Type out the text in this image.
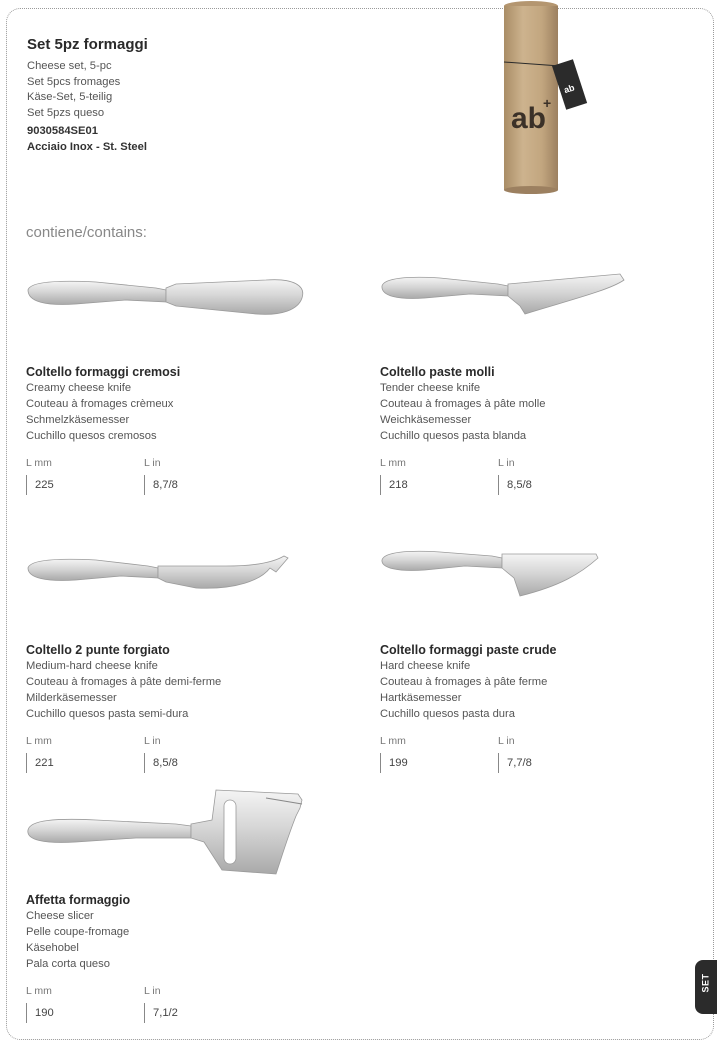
Set 5pz formaggi
Cheese set, 5-pc
Set 5pcs fromages
Käse-Set, 5-teilig
Set 5pzs queso
9030584SE01
Acciaio Inox - St. Steel
ab
+
ab
contiene/contains:
Coltello formaggi cremosi
Creamy cheese knife
Couteau à fromages crèmeux
Schmelzkäsemesser
Cuchillo quesos cremosos
L mm
225
L in
8,7/8
Coltello paste molli
Tender cheese knife
Couteau à fromages à pâte molle
Weichkäsemesser
Cuchillo quesos pasta blanda
L mm
218
L in
8,5/8
Coltello 2 punte forgiato
Medium-hard cheese knife
Couteau à fromages à pâte demi-ferme
Milderkäsemesser
Cuchillo quesos pasta semi-dura
L mm
221
L in
8,5/8
Coltello formaggi paste crude
Hard cheese knife
Couteau à fromages à pâte ferme
Hartkäsemesser
Cuchillo quesos pasta dura
L mm
199
L in
7,7/8
Affetta formaggio
Cheese slicer
Pelle coupe-fromage
Käsehobel
Pala corta queso
L mm
190
L in
7,1/2
SET
